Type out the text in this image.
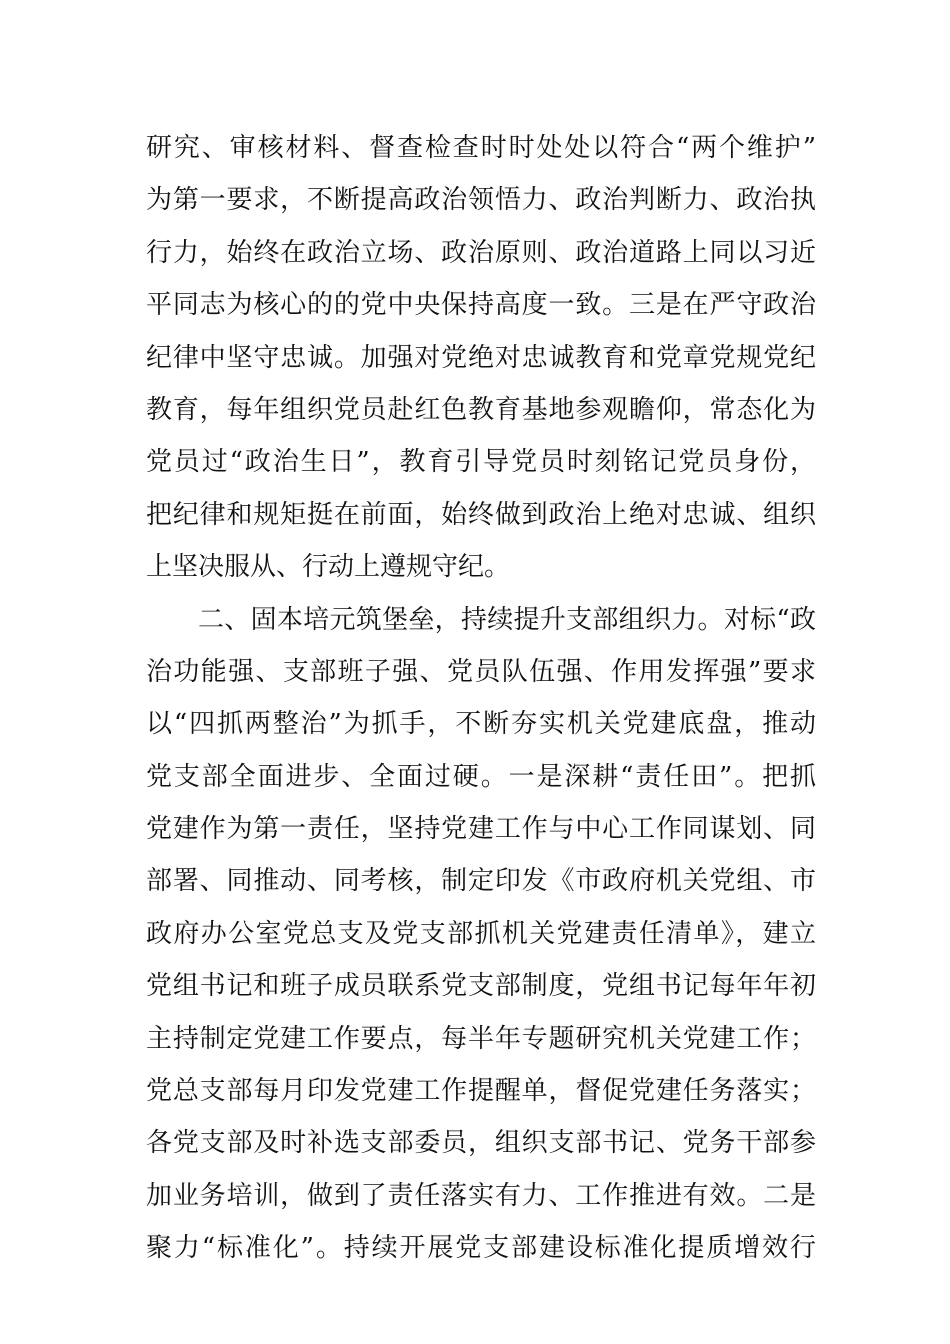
研究、审核材料、督查检查时时处处以符合“两个维护”
为第一要求，不断提高政治领悟力、政治判断力、政治执
行力，始终在政治立场、政治原则、政治道路上同以习近
平同志为核心的的党中央保持高度一致。三是在严守政治
纪律中坚守忠诚。加强对党绝对忠诚教育和党章党规党纪
教育，每年组织党员赴红色教育基地参观瞻仰，常态化为
党员过“政治生日”，教育引导党员时刻铭记党员身份，
把纪律和规矩挺在前面，始终做到政治上绝对忠诚、组织
上坚决服从、行动上遵规守纪。
二、固本培元筑堡垒，持续提升支部组织力。对标“政
治功能强、支部班子强、党员队伍强、作用发挥强”要求
以“四抓两整治”为抓手，不断夯实机关党建底盘，推动
党支部全面进步、全面过硬。一是深耕“责任田”。把抓
党建作为第一责任，坚持党建工作与中心工作同谋划、同
部署、同推动、同考核，制定印发《市政府机关党组、市
政府办公室党总支及党支部抓机关党建责任清单》，建立
党组书记和班子成员联系党支部制度，党组书记每年年初
主持制定党建工作要点，每半年专题研究机关党建工作；
党总支部每月印发党建工作提醒单，督促党建任务落实；
各党支部及时补选支部委员，组织支部书记、党务干部参
加业务培训，做到了责任落实有力、工作推进有效。二是
聚力“标准化”。持续开展党支部建设标准化提质增效行
